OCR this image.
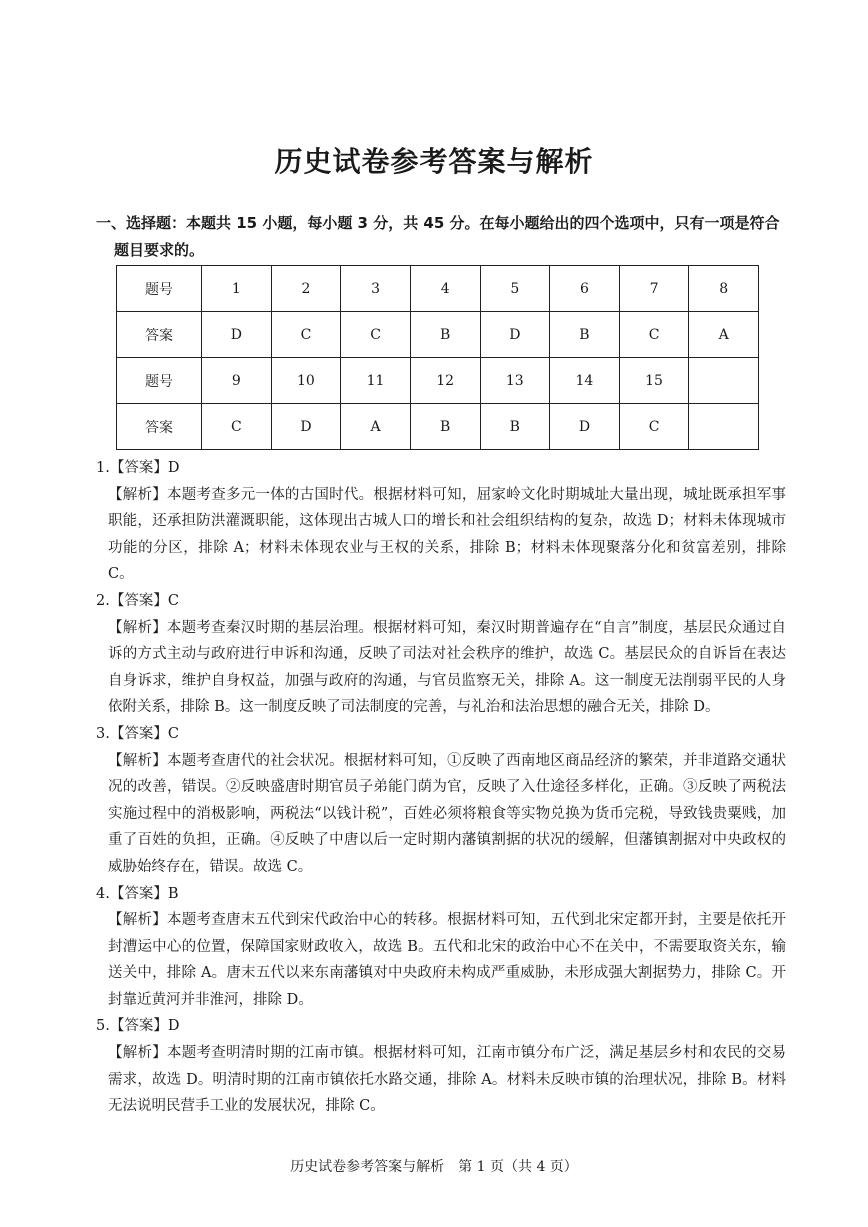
历史试卷参考答案与解析
一、选择题：本题共 15 小题，每小题 3 分，共 45 分。在每小题给出的四个选项中，只有一项是符合题目要求的。
题号	1	2	3	4	5	6	7	8
答案	D	C	C	B	D	B	C	A
题号	9	10	11	12	13	14	15	
答案	C	D	A	B	B	D	C	

1.【答案】D

【解析】本题考查多元一体的古国时代。根据材料可知，屈家岭文化时期城址大量出现，城址既承担军事职能，还承担防洪灌溉职能，这体现出古城人口的增长和社会组织结构的复杂，故选 D；材料未体现城市功能的分区，排除 A；材料未体现农业与王权的关系，排除 B；材料未体现聚落分化和贫富差别，排除 C。

2.【答案】C

【解析】本题考查秦汉时期的基层治理。根据材料可知，秦汉时期普遍存在“自言”制度，基层民众通过自诉的方式主动与政府进行申诉和沟通，反映了司法对社会秩序的维护，故选 C。基层民众的自诉旨在表达自身诉求，维护自身权益，加强与政府的沟通，与官员监察无关，排除 A。这一制度无法削弱平民的人身依附关系，排除 B。这一制度反映了司法制度的完善，与礼治和法治思想的融合无关，排除 D。

3.【答案】C

【解析】本题考查唐代的社会状况。根据材料可知，①反映了西南地区商品经济的繁荣，并非道路交通状况的改善，错误。②反映盛唐时期官员子弟能门荫为官，反映了入仕途径多样化，正确。③反映了两税法实施过程中的消极影响，两税法“以钱计税”，百姓必须将粮食等实物兑换为货币完税，导致钱贵粟贱，加重了百姓的负担，正确。④反映了中唐以后一定时期内藩镇割据的状况的缓解，但藩镇割据对中央政权的威胁始终存在，错误。故选 C。

4.【答案】B

【解析】本题考查唐末五代到宋代政治中心的转移。根据材料可知，五代到北宋定都开封，主要是依托开封漕运中心的位置，保障国家财政收入，故选 B。五代和北宋的政治中心不在关中，不需要取资关东，输送关中，排除 A。唐末五代以来东南藩镇对中央政府未构成严重威胁，未形成强大割据势力，排除 C。开封靠近黄河并非淮河，排除 D。

5.【答案】D

【解析】本题考查明清时期的江南市镇。根据材料可知，江南市镇分布广泛，满足基层乡村和农民的交易需求，故选 D。明清时期的江南市镇依托水路交通，排除 A。材料未反映市镇的治理状况，排除 B。材料无法说明民营手工业的发展状况，排除 C。

历史试卷参考答案与解析　第 1 页（共 4 页）
